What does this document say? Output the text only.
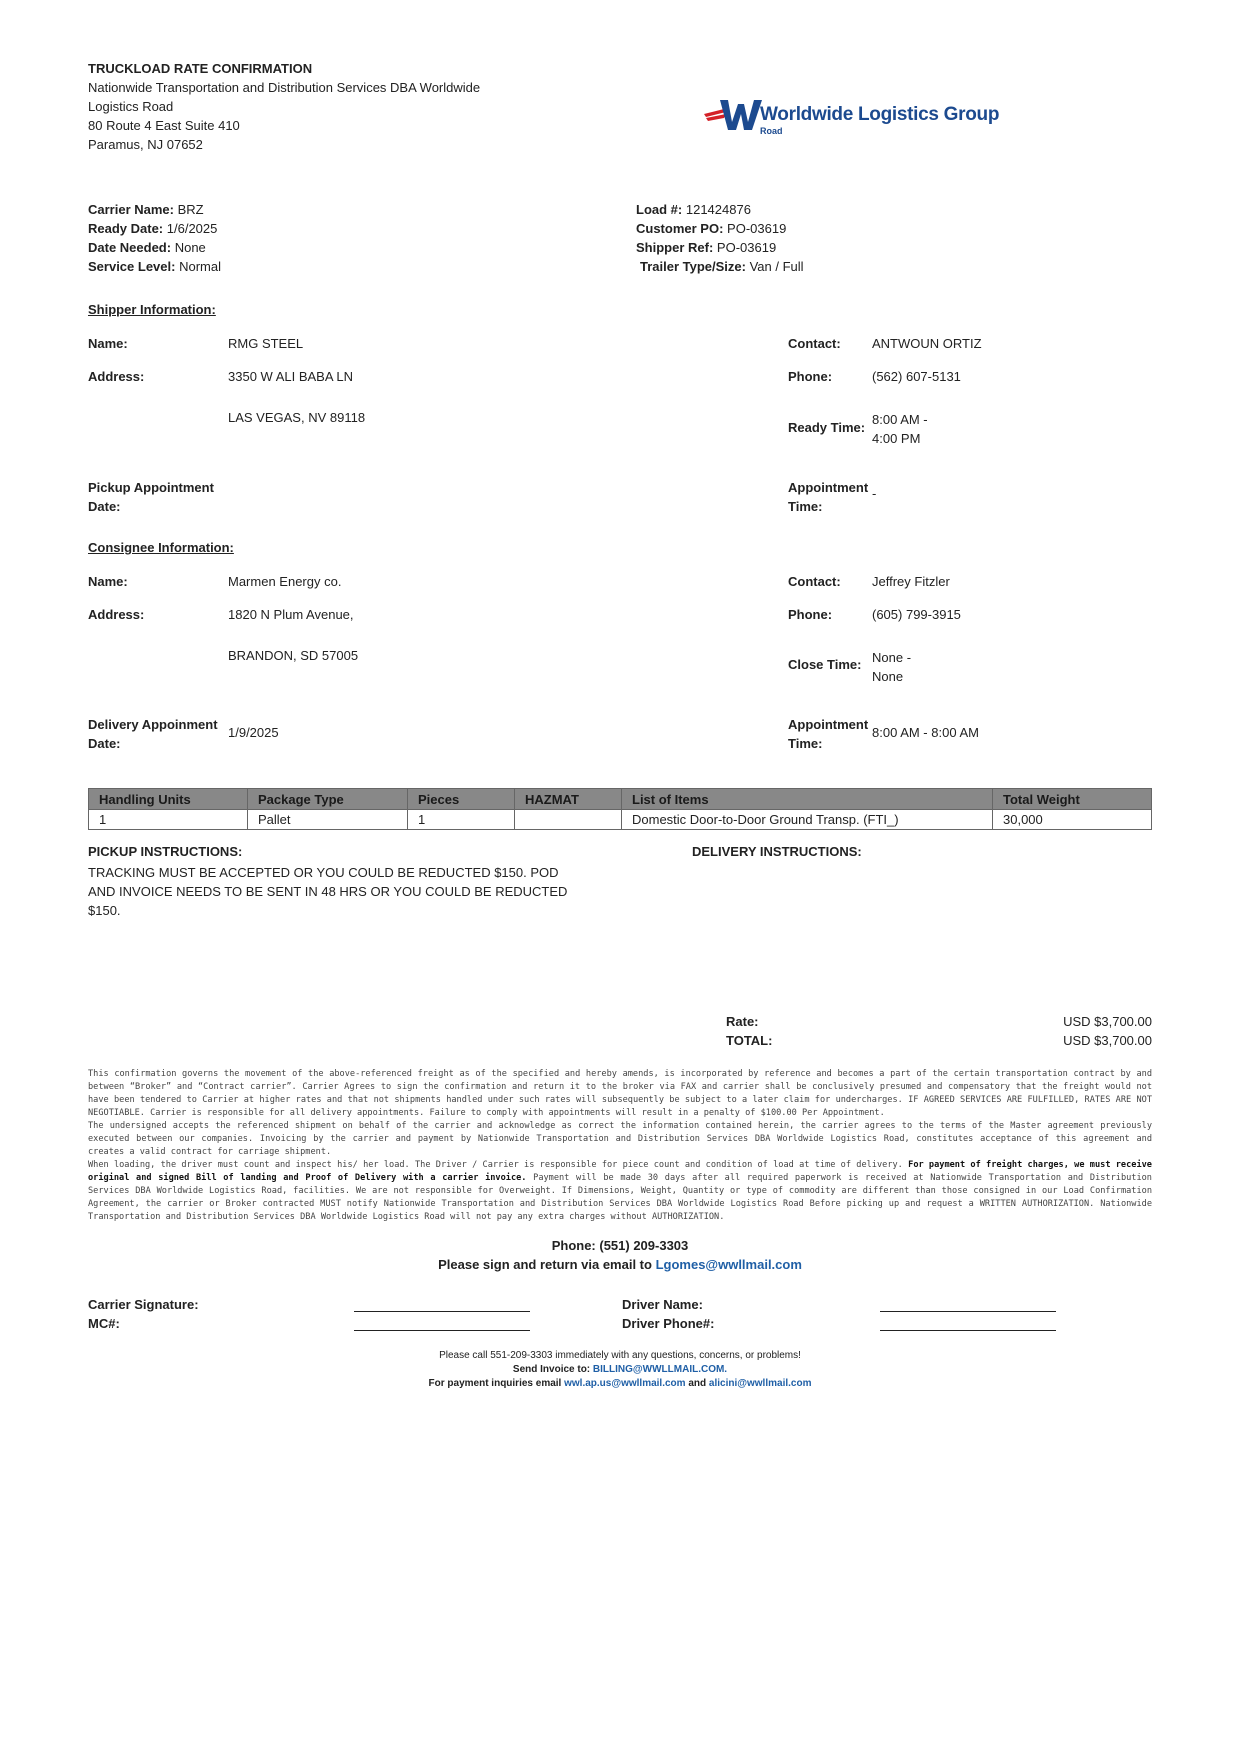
TRUCKLOAD RATE CONFIRMATION
Nationwide Transportation and Distribution Services DBA Worldwide
Logistics Road
80 Route 4 East Suite 410
Paramus, NJ 07652
Worldwide Logistics Group
Road
Carrier Name: BRZ
Ready Date: 1/6/2025
Date Needed: None
Service Level: Normal
Load #: 121424876
Customer PO: PO-03619
Shipper Ref: PO-03619
Trailer Type/Size: Van / Full
Shipper Information:
Name:	RMG STEEL	Contact: ANTWOUN ORTIZ
Address:	3350 W ALI BABA LN	Phone:	(562) 607-5131
LAS VEGAS, NV 89118
Ready Time:
8:00 AM -
4:00 PM
Pickup Appointment
Date:
Appointment
Time:
-
Consignee Information:
Name:	Marmen Energy co.	Contact: Jeffrey Fitzler
Address:	1820 N Plum Avenue,	Phone:	(605) 799-3915
BRANDON, SD 57005
Close Time: None -
None
Delivery Appoinment
Date:
1/9/2025
Appointment
Time:
8:00 AM - 8:00 AM
Handling Units	Package Type	Pieces	HAZMAT	List of Items	Total Weight
1	Pallet	1		Domestic Door-to-Door Ground Transp. (FTI_)	30,000
PICKUP INSTRUCTIONS:
TRACKING MUST BE ACCEPTED OR YOU COULD BE REDUCTED $150. POD
AND INVOICE NEEDS TO BE SENT IN 48 HRS OR YOU COULD BE REDUCTED
$150.
DELIVERY INSTRUCTIONS:
Rate:	USD $3,700.00
TOTAL:	USD $3,700.00

This confirmation governs the movement of the above-referenced freight as of the specified and hereby amends, is incorporated by reference and becomes a part of the certain transportation contract by and between “Broker” and “Contract carrier”. Carrier Agrees to sign the confirmation and return it to the broker via FAX and carrier shall be conclusively presumed and compensatory that the freight would not have been tendered to Carrier at higher rates and that not shipments handled under such rates will subsequently be subject to a later claim for undercharges. IF AGREED SERVICES ARE FULFILLED, RATES ARE NOT NEGOTIABLE. Carrier is responsible for all delivery appointments. Failure to comply with appointments will result in a penalty of $100.00 Per Appointment.

The undersigned accepts the referenced shipment on behalf of the carrier and acknowledge as correct the information contained herein, the carrier agrees to the terms of the Master agreement previously executed between our companies. Invoicing by the carrier and payment by Nationwide Transportation and Distribution Services DBA Worldwide Logistics Road, constitutes acceptance of this agreement and creates a valid contract for carriage shipment.

When loading, the driver must count and inspect his/ her load. The Driver / Carrier is responsible for piece count and condition of load at time of delivery. For payment of freight charges, we must receive original and signed Bill of landing and Proof of Delivery with a carrier invoice. Payment will be made 30 days after all required paperwork is received at Nationwide Transportation and Distribution Services DBA Worldwide Logistics Road, facilities. We are not responsible for Overweight. If Dimensions, Weight, Quantity or type of commodity are different than those consigned in our Load Confirmation Agreement, the carrier or Broker contracted MUST notify Nationwide Transportation and Distribution Services DBA Worldwide Logistics Road Before picking up and request a WRITTEN AUTHORIZATION. Nationwide Transportation and Distribution Services DBA Worldwide Logistics Road will not pay any extra charges without AUTHORIZATION.

Phone: (551) 209-3303
Please sign and return via email to Lgomes@wwllmail.com
Carrier Signature:
MC#:
Driver Name:
Driver Phone#:
Please call 551-209-3303 immediately with any questions, concerns, or problems!
Send Invoice to: BILLING@WWLLMAIL.COM.
For payment inquiries email wwl.ap.us@wwllmail.com and alicini@wwllmail.com
